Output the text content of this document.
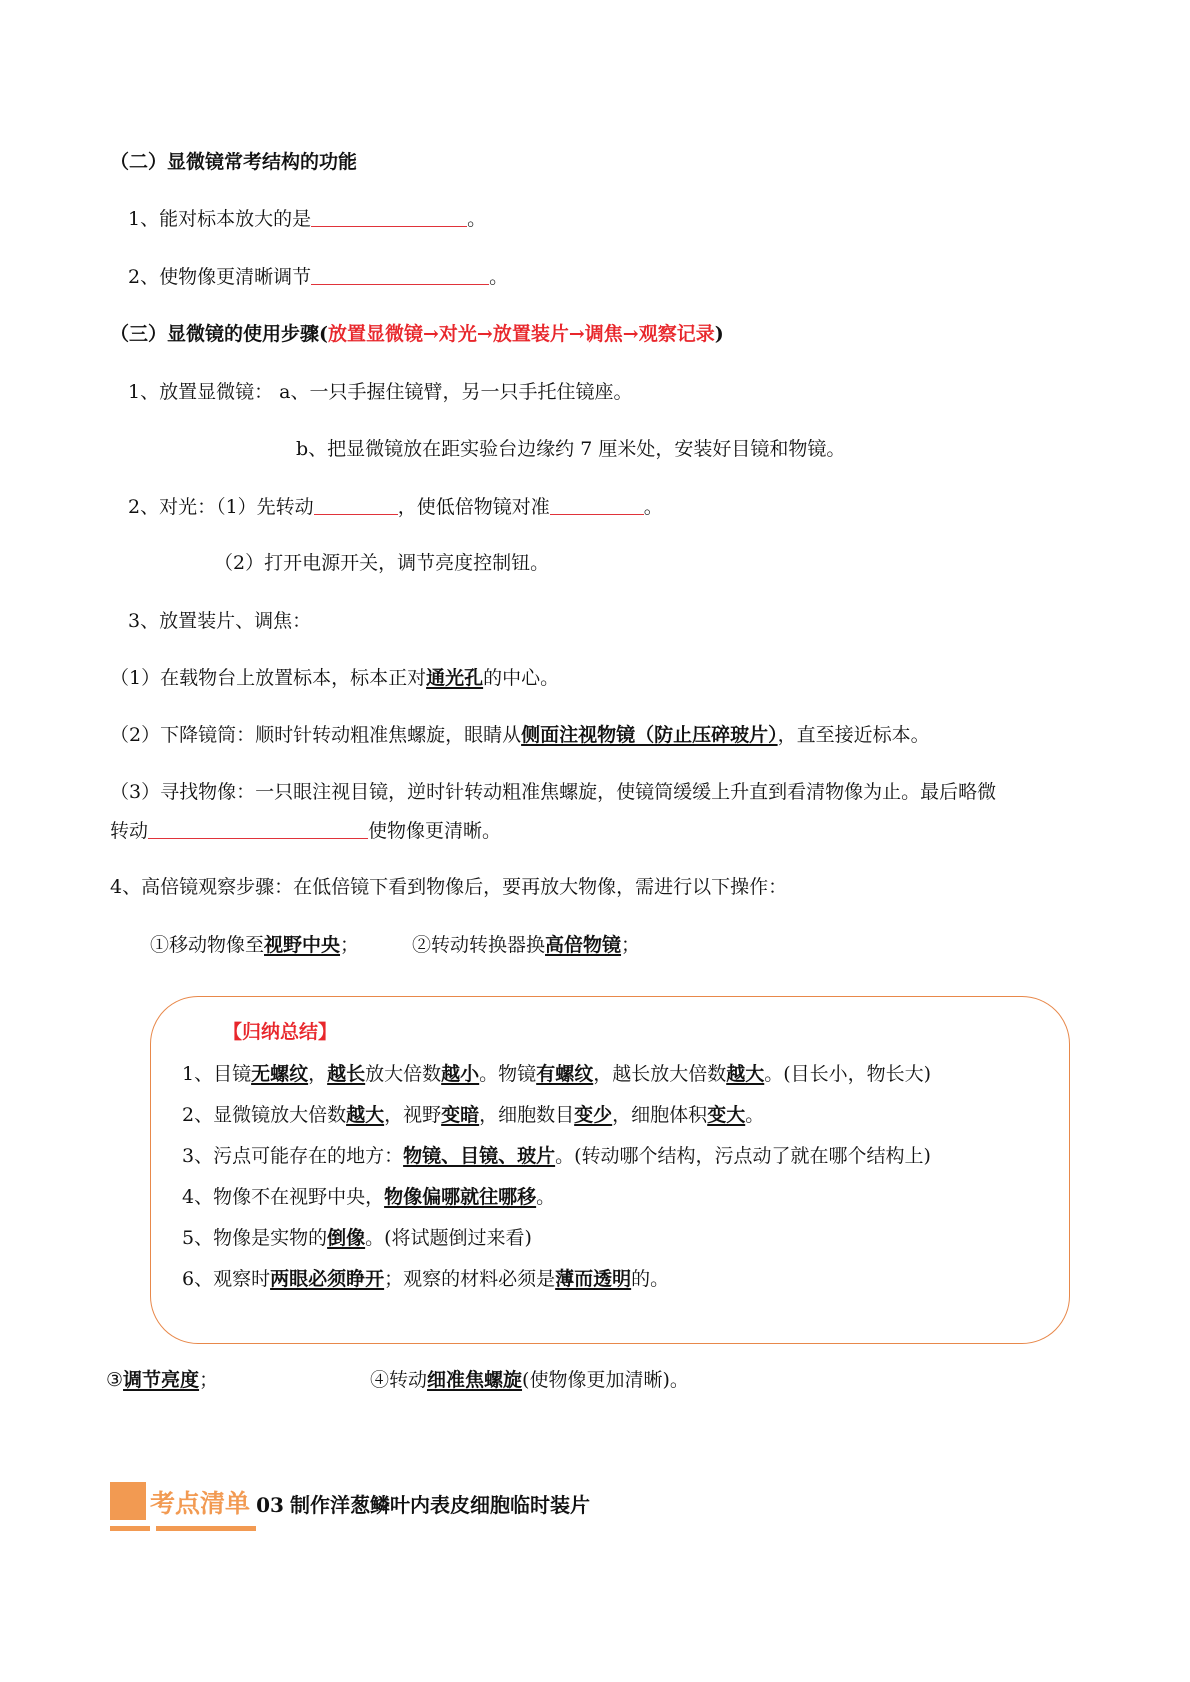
（二）显微镜常考结构的功能
1、能对标本放大的是	。
2、使物像更清晰调节	。
（三）显微镜的使用步骤(放置显微镜→对光→放置装片→调焦→观察记录)
1、放置显微镜： a、一只手握住镜臂，另一只手托住镜座。
b、把显微镜放在距实验台边缘约 7 厘米处，安装好目镜和物镜。
2、对光：（1）先转动	，使低倍物镜对准	。
（2）打开电源开关，调节亮度控制钮。
3、放置装片、调焦：
（1）在载物台上放置标本，标本正对通光孔的中心。
（2）下降镜筒：顺时针转动粗准焦螺旋，眼睛从侧面注视物镜（防止压碎玻片），直至接近标本。
（3）寻找物像：一只眼注视目镜，逆时针转动粗准焦螺旋，使镜筒缓缓上升直到看清物像为止。最后略微
转动	使物像更清晰。
4、高倍镜观察步骤：在低倍镜下看到物像后，要再放大物像，需进行以下操作：
①移动物像至视野中央；	②转动转换器换高倍物镜；
【归纳总结】
1、目镜无螺纹，越长放大倍数越小。物镜有螺纹，越长放大倍数越大。(目长小，物长大)
2、显微镜放大倍数越大，视野变暗，细胞数目变少，细胞体积变大。
3、污点可能存在的地方：物镜、目镜、玻片。(转动哪个结构，污点动了就在哪个结构上)
4、物像不在视野中央，物像偏哪就往哪移。
5、物像是实物的倒像。(将试题倒过来看)
6、观察时两眼必须睁开；观察的材料必须是薄而透明的。
③调节亮度；	④转动细准焦螺旋(使物像更加清晰)。
考点清单 03 制作洋葱鳞叶内表皮细胞临时装片
